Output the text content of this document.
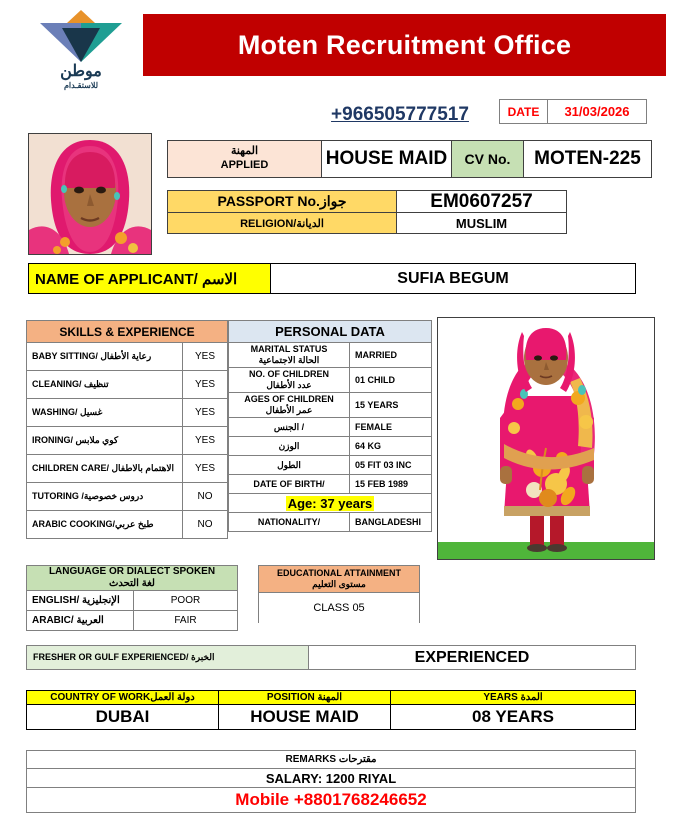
موطن
للاستقـدام
Moten Recruitment Office
+966505777517	DATE	31/03/2026
المهنة
APPLIED	HOUSE MAID	CV No.	MOTEN-225
PASSPORT No.جواز	EM0607257
RELIGION/الديانة	MUSLIM
NAME OF APPLICANT/ الاسم	SUFIA BEGUM
SKILLS & EXPERIENCE
BABY SITTING/ رعاية الأطفال	YES
CLEANING/ تنظيف	YES
WASHING/ غسيل	YES
IRONING/ كوي ملابس	YES
CHILDREN CARE/ الاهتمام بالاطفال	YES
TUTORING /دروس خصوصية	NO
ARABIC COOKING/طبخ عربي	NO
PERSONAL DATA
MARITAL STATUS
الحالة الاجتماعية	MARRIED
NO. OF CHILDREN
عدد الأطفال	01 CHILD
AGES OF CHILDREN
عمر الأطفال	15 YEARS
الجنس /	FEMALE
الوزن	64 KG
الطول	05 FIT 03 INC
DATE OF BIRTH/	15 FEB 1989
Age: 37 years
NATIONALITY/	BANGLADESHI
LANGUAGE OR DIALECT SPOKEN
لغة التحدث
ENGLISH/ الإنجليزية	POOR
ARABIC/ العربية	FAIR
EDUCATIONAL ATTAINMENT
مستوى التعليم
CLASS 05
FRESHER OR GULF EXPERIENCED/ الخبرة	EXPERIENCED
COUNTRY OF WORKدولة العمل	POSITION المهنة	YEARS المدة
DUBAI	HOUSE MAID	08 YEARS
REMARKS مقترحات
SALARY: 1200 RIYAL
Mobile +8801768246652
